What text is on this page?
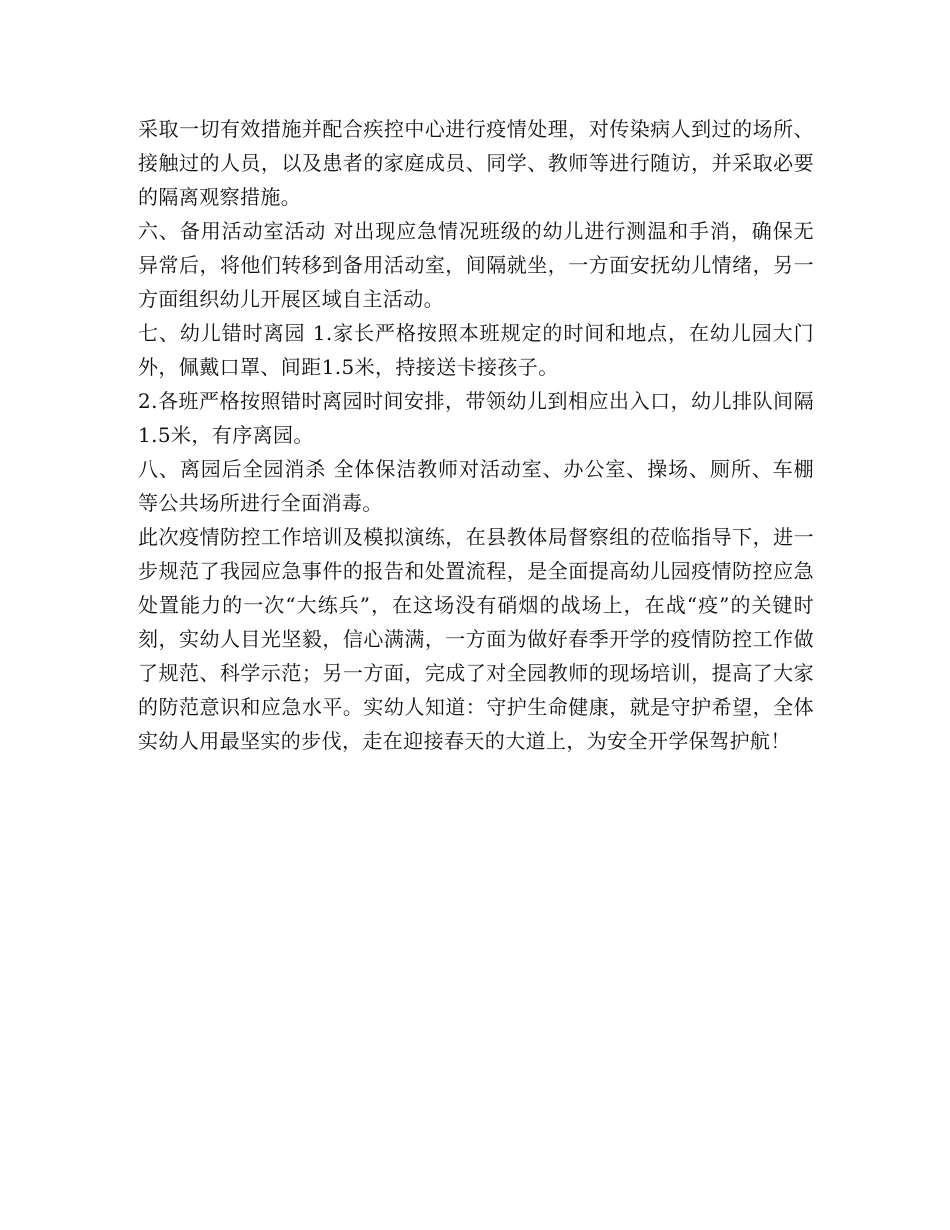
采取一切有效措施并配合疾控中心进行疫情处理，对传染病人到过的场所、接触过的人员，以及患者的家庭成员、同学、教师等进行随访，并采取必要的隔离观察措施。

六、备用活动室活动 对出现应急情况班级的幼儿进行测温和手消，确保无异常后，将他们转移到备用活动室，间隔就坐，一方面安抚幼儿情绪，另一方面组织幼儿开展区域自主活动。

七、幼儿错时离园 1.家长严格按照本班规定的时间和地点，在幼儿园大门外，佩戴口罩、间距1.5米，持接送卡接孩子。

2.各班严格按照错时离园时间安排，带领幼儿到相应出入口，幼儿排队间隔1.5米，有序离园。

八、离园后全园消杀 全体保洁教师对活动室、办公室、操场、厕所、车棚等公共场所进行全面消毒。

此次疫情防控工作培训及模拟演练，在县教体局督察组的莅临指导下，进一步规范了我园应急事件的报告和处置流程，是全面提高幼儿园疫情防控应急处置能力的一次“大练兵”，在这场没有硝烟的战场上，在战“疫”的关键时刻，实幼人目光坚毅，信心满满，一方面为做好春季开学的疫情防控工作做了规范、科学示范；另一方面，完成了对全园教师的现场培训，提高了大家的防范意识和应急水平。实幼人知道：守护生命健康，就是守护希望，全体实幼人用最坚实的步伐，走在迎接春天的大道上，为安全开学保驾护航！
